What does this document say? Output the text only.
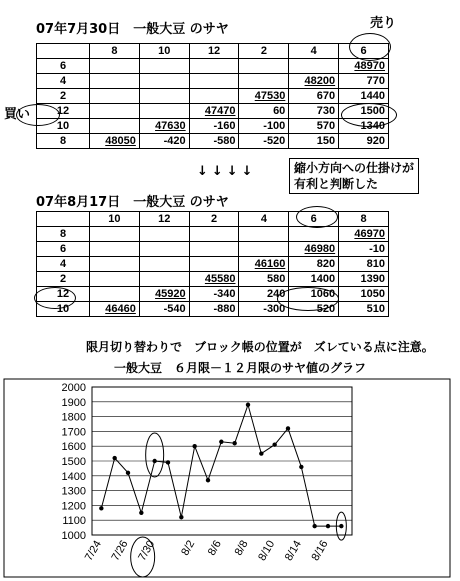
07年7月30日　一般大豆 のサヤ	売り
買い
	8	10	12	2	4	6
6						48970
4					48200	770
2				47530	670	1440
12			47470	60	730	1500
10		47630	-160	-100	570	1340
8	48050	-420	-580	-520	150	920
↓↓↓↓	縮小方向への仕掛けが
有利と判断した
07年8月17日　一般大豆 のサヤ
	10	12	2	4	6	8
8						46970
6					46980	-10
4				46160	820	810
2			45580	580	1400	1390
12		45920	-340	240	1060	1050
10	46460	-540	-880	-300	520	510
限月切り替わりで　ブロック帳の位置が　ズレている点に注意。
一般大豆　６月限－１２月限のサヤ値のグラフ
1000
1100
1200
1300
1400
1500
1600
1700
1800
1900
2000
7/24 7/26 7/30 8/2 8/6 8/8 8/10 8/14 8/16
